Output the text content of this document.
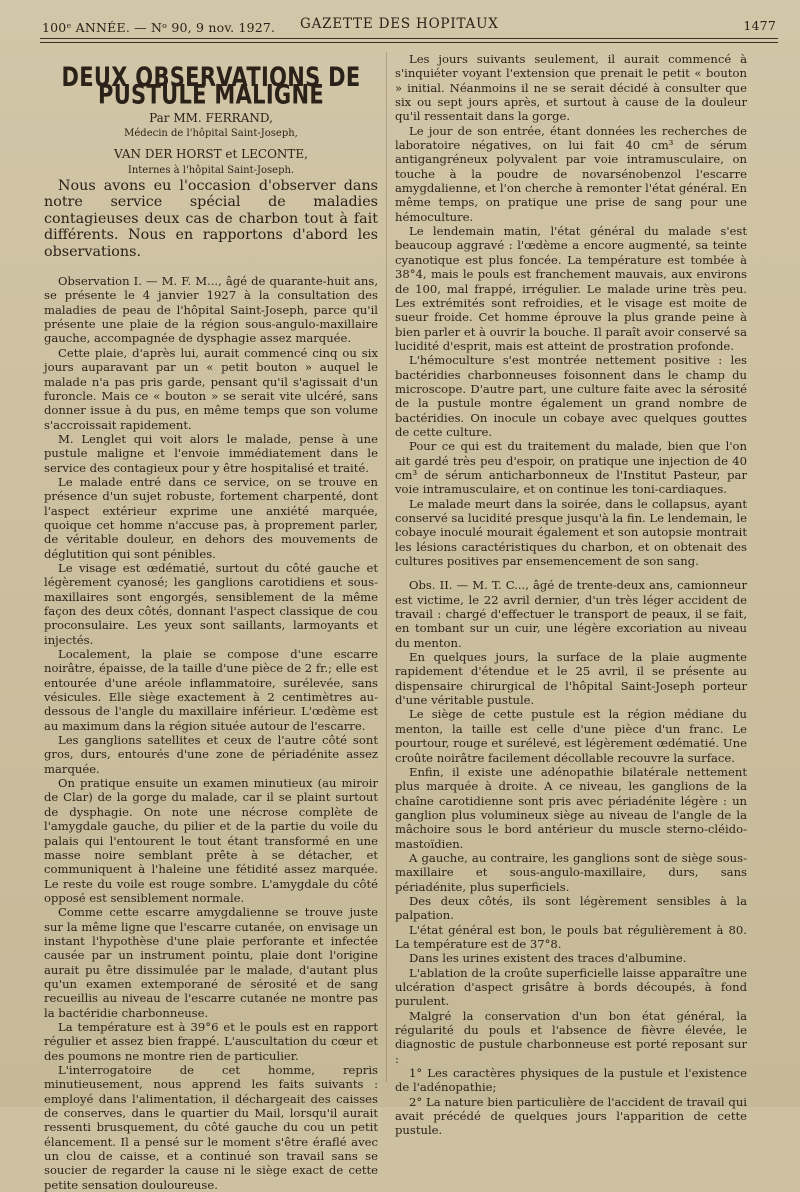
100ᵉ ANNÉE. — Nᵒ 90, 9 nov. 1927. GAZETTE DES HOPITAUX	1477
DEUX OBSERVATIONS DE PUSTULE MALIGNE
Par MM. FERRAND,
Médecin de l'hôpital Saint-Joseph,
VAN DER HORST et LECONTE,
Internes à l'hôpital Saint-Joseph.

Nous avons eu l'occasion d'observer dans notre service spécial de maladies contagieuses deux cas de charbon tout à fait différents. Nous en rapportons d'abord les observations.

Observation I. — M. F. M..., âgé de quarante-huit ans, se présente le 4 janvier 1927 à la consultation des maladies de peau de l'hôpital Saint-Joseph, parce qu'il présente une plaie de la région sous-angulo-maxillaire gauche, accompagnée de dysphagie assez marquée.

Cette plaie, d'après lui, aurait commencé cinq ou six jours auparavant par un « petit bouton » auquel le malade n'a pas pris garde, pensant qu'il s'agissait d'un furoncle. Mais ce « bouton » se serait vite ulcéré, sans donner issue à du pus, en même temps que son volume s'accroissait rapidement.

M. Lenglet qui voit alors le malade, pense à une pustule maligne et l'envoie immédiatement dans le service des contagieux pour y être hospitalisé et traité.

Le malade entré dans ce service, on se trouve en présence d'un sujet robuste, fortement charpenté, dont l'aspect extérieur exprime une anxiété marquée, quoique cet homme n'accuse pas, à proprement parler, de véritable douleur, en dehors des mouvements de déglutition qui sont pénibles.

Le visage est œdématié, surtout du côté gauche et légèrement cyanosé; les ganglions carotidiens et sous-maxillaires sont engorgés, sensiblement de la même façon des deux côtés, donnant l'aspect classique de cou proconsulaire. Les yeux sont saillants, larmoyants et injectés.

Localement, la plaie se compose d'une escarre noirâtre, épaisse, de la taille d'une pièce de 2 fr.; elle est entourée d'une aréole inflammatoire, surélevée, sans vésicules. Elle siège exactement à 2 centimètres au-dessous de l'angle du maxillaire inférieur. L'œdème est au maximum dans la région située autour de l'escarre.

Les ganglions satellites et ceux de l'autre côté sont gros, durs, entourés d'une zone de périadénite assez marquée.

On pratique ensuite un examen minutieux (au miroir de Clar) de la gorge du malade, car il se plaint surtout de dysphagie. On note une nécrose complète de l'amygdale gauche, du pilier et de la partie du voile du palais qui l'entourent le tout étant transformé en une masse noire semblant prête à se détacher, et communiquent à l'haleine une fétidité assez marquée. Le reste du voile est rouge sombre. L'amygdale du côté opposé est sensiblement normale.

Comme cette escarre amygdalienne se trouve juste sur la même ligne que l'escarre cutanée, on envisage un instant l'hypothèse d'une plaie perforante et infectée causée par un instrument pointu, plaie dont l'origine aurait pu être dissimulée par le malade, d'autant plus qu'un examen extemporané de sérosité et de sang recueillis au niveau de l'escarre cutanée ne montre pas la bactéridie charbonneuse.

La température est à 39°6 et le pouls est en rapport régulier et assez bien frappé. L'auscultation du cœur et des poumons ne montre rien de particulier.

L'interrogatoire de cet homme, repris minutieusement, nous apprend les faits suivants : employé dans l'alimentation, il déchargeait des caisses de conserves, dans le quartier du Mail, lorsqu'il aurait ressenti brusquement, du côté gauche du cou un petit élancement. Il a pensé sur le moment s'être éraflé avec un clou de caisse, et a continué son travail sans se soucier de regarder la cause ni le siège exact de cette petite sensation douloureuse.

Les jours suivants seulement, il aurait commencé à s'inquiéter voyant l'extension que prenait le petit « bouton » initial. Néanmoins il ne se serait décidé à consulter que six ou sept jours après, et surtout à cause de la douleur qu'il ressentait dans la gorge.

Le jour de son entrée, étant données les recherches de laboratoire négatives, on lui fait 40 cm³ de sérum antigangréneux polyvalent par voie intramusculaire, on touche à la poudre de novarsénobenzol l'escarre amygdalienne, et l'on cherche à remonter l'état général. En même temps, on pratique une prise de sang pour une hémoculture.

Le lendemain matin, l'état général du malade s'est beaucoup aggravé : l'œdème a encore augmenté, sa teinte cyanotique est plus foncée. La température est tombée à 38°4, mais le pouls est franchement mauvais, aux environs de 100, mal frappé, irrégulier. Le malade urine très peu. Les extrémités sont refroidies, et le visage est moite de sueur froide. Cet homme éprouve la plus grande peine à bien parler et à ouvrir la bouche. Il paraît avoir conservé sa lucidité d'esprit, mais est atteint de prostration profonde.

L'hémoculture s'est montrée nettement positive : les bactéridies charbonneuses foisonnent dans le champ du microscope. D'autre part, une culture faite avec la sérosité de la pustule montre également un grand nombre de bactéridies. On inocule un cobaye avec quelques gouttes de cette culture.

Pour ce qui est du traitement du malade, bien que l'on ait gardé très peu d'espoir, on pratique une injection de 40 cm³ de sérum anticharbonneux de l'Institut Pasteur, par voie intramusculaire, et on continue les toni-cardiaques.

Le malade meurt dans la soirée, dans le collapsus, ayant conservé sa lucidité presque jusqu'à la fin. Le lendemain, le cobaye inoculé mourait également et son autopsie montrait les lésions caractéristiques du charbon, et on obtenait des cultures positives par ensemencement de son sang.

Obs. II. — M. T. C..., âgé de trente-deux ans, camionneur est victime, le 22 avril dernier, d'un très léger accident de travail : chargé d'effectuer le transport de peaux, il se fait, en tombant sur un cuir, une légère excoriation au niveau du menton.

En quelques jours, la surface de la plaie augmente rapidement d'étendue et le 25 avril, il se présente au dispensaire chirurgical de l'hôpital Saint-Joseph porteur d'une véritable pustule.

Le siège de cette pustule est la région médiane du menton, la taille est celle d'une pièce d'un franc. Le pourtour, rouge et surélevé, est légèrement œdématié. Une croûte noirâtre facilement décollable recouvre la surface.

Enfin, il existe une adénopathie bilatérale nettement plus marquée à droite. A ce niveau, les ganglions de la chaîne carotidienne sont pris avec périadénite légère : un ganglion plus volumineux siège au niveau de l'angle de la mâchoire sous le bord antérieur du muscle sterno-cléido-mastoïdien.

A gauche, au contraire, les ganglions sont de siège sous-maxillaire et sous-angulo-maxillaire, durs, sans périadénite, plus superficiels.

Des deux côtés, ils sont légèrement sensibles à la palpation.

L'état général est bon, le pouls bat régulièrement à 80. La température est de 37°8.

Dans les urines existent des traces d'albumine.

L'ablation de la croûte superficielle laisse apparaître une ulcération d'aspect grisâtre à bords découpés, à fond purulent.

Malgré la conservation d'un bon état général, la régularité du pouls et l'absence de fièvre élevée, le diagnostic de pustule charbonneuse est porté reposant sur :

1° Les caractères physiques de la pustule et l'existence de l'adénopathie;

2° La nature bien particulière de l'accident de travail qui avait précédé de quelques jours l'apparition de cette pustule.
